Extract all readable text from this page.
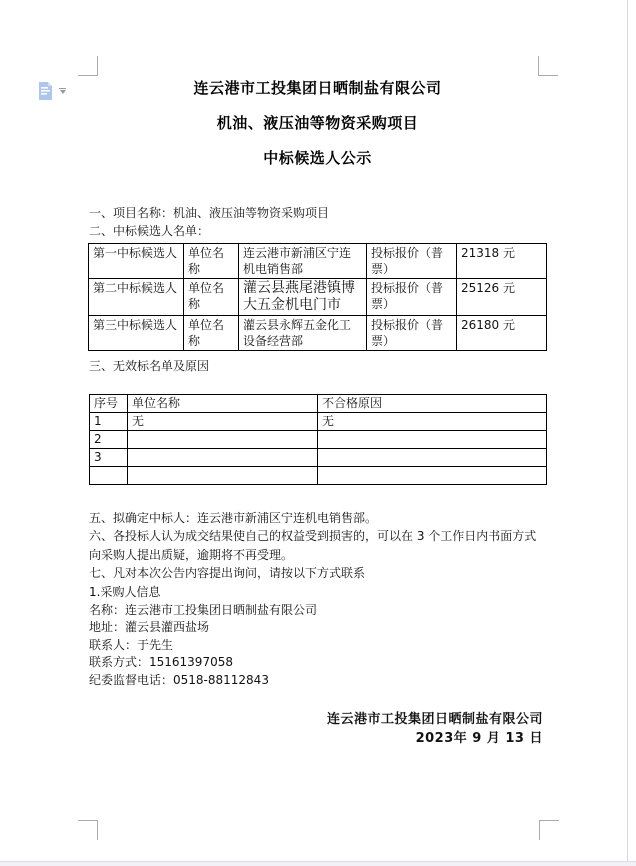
连云港市工投集团日晒制盐有限公司
机油、液压油等物资采购项目
中标候选人公示
一、项目名称：机油、液压油等物资采购项目
二、中标候选人名单：
第一中标候选人	单位名称	连云港市新浦区宁连机电销售部	投标报价（普票）	21318 元
第二中标候选人	单位名称	灌云县燕尾港镇博大五金机电门市	投标报价（普票）	25126 元
第三中标候选人	单位名称	灌云县永辉五金化工设备经营部	投标报价（普票）	26180 元
三、无效标名单及原因
序号	单位名称	不合格原因
1	无	无
2		
3		

五、拟确定中标人：连云港市新浦区宁连机电销售部。
六、各投标人认为成交结果使自己的权益受到损害的，可以在 3 个工作日内书面方式向采购人提出质疑，逾期将不再受理。
七、凡对本次公告内容提出询问，请按以下方式联系
1.采购人信息
名称：连云港市工投集团日晒制盐有限公司
地址：灌云县灌西盐场
联系人：于先生
联系方式：15161397058
纪委监督电话：0518-88112843
连云港市工投集团日晒制盐有限公司
2023年 9 月 13 日
